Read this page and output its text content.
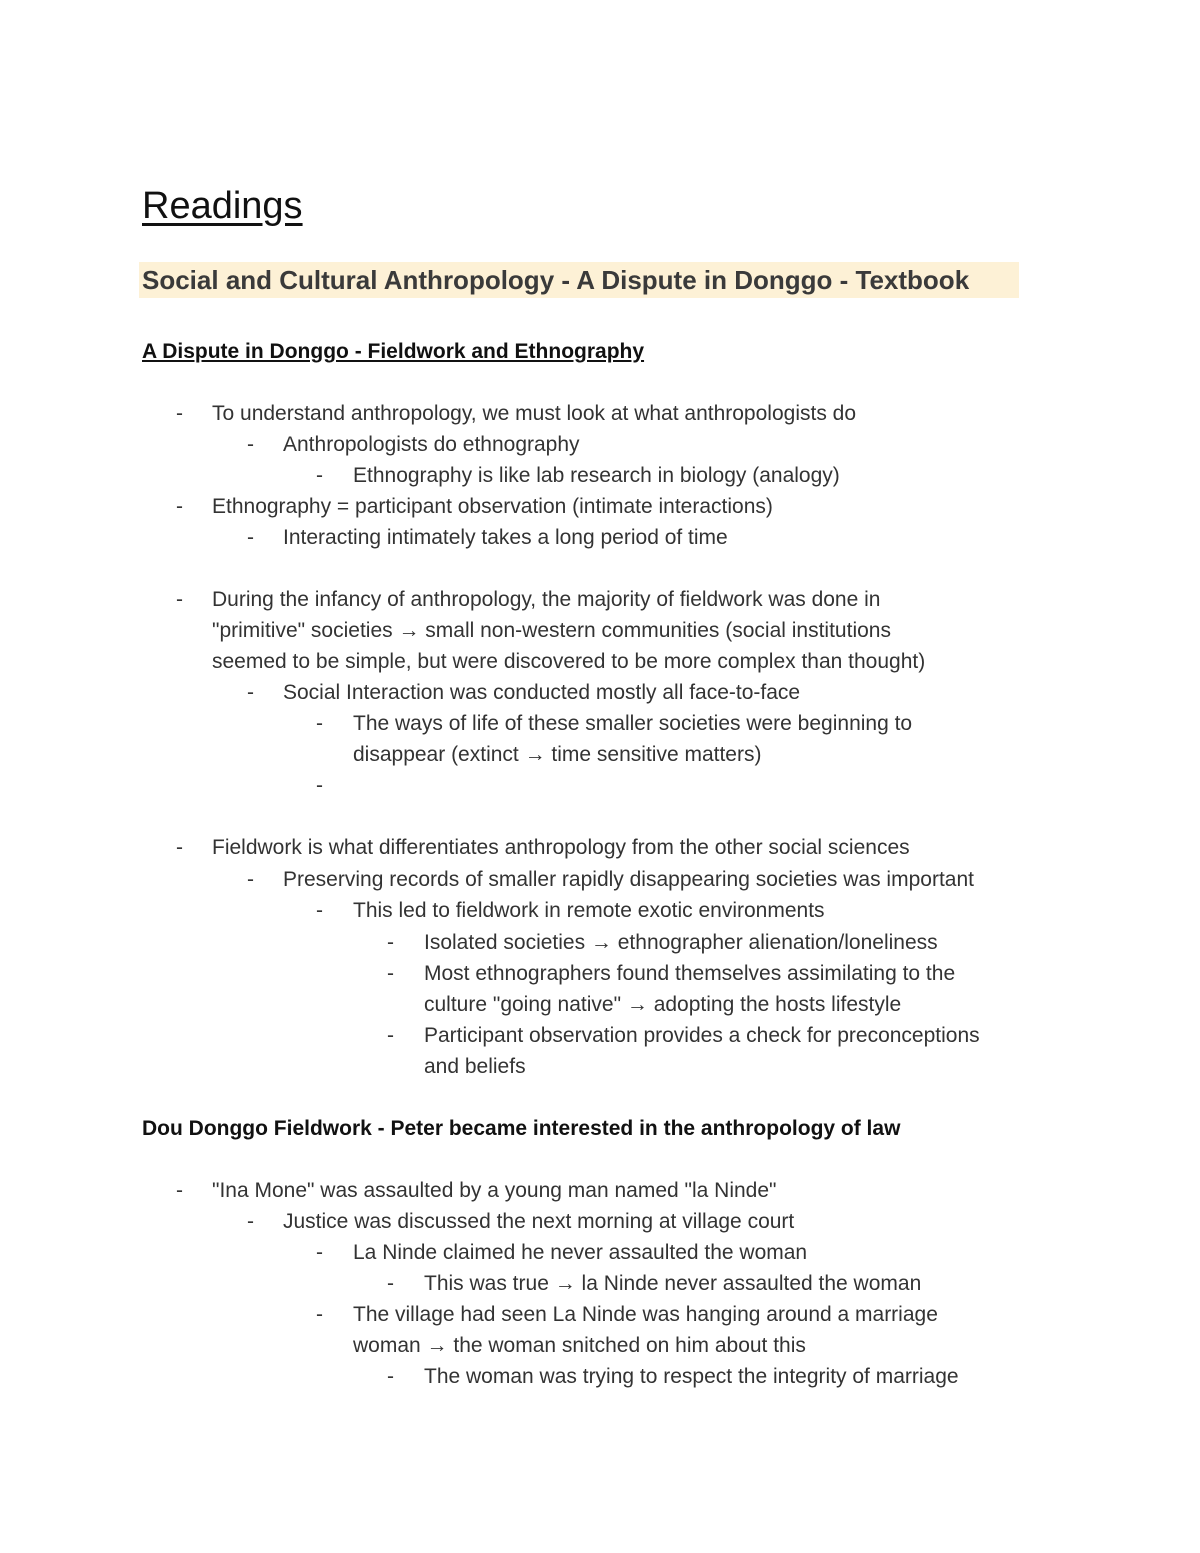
Readings
Social and Cultural Anthropology - A Dispute in Donggo - Textbook
A Dispute in Donggo - Fieldwork and Ethnography
- To understand anthropology, we must look at what anthropologists do
- Anthropologists do ethnography
- Ethnography is like lab research in biology (analogy)
- Ethnography = participant observation (intimate interactions)
- Interacting intimately takes a long period of time
- During the infancy of anthropology, the majority of fieldwork was done in
"primitive" societies → small non-western communities (social institutions
seemed to be simple, but were discovered to be more complex than thought)
- Social Interaction was conducted mostly all face-to-face
- The ways of life of these smaller societies were beginning to
disappear (extinct → time sensitive matters)
-
- Fieldwork is what differentiates anthropology from the other social sciences
- Preserving records of smaller rapidly disappearing societies was important
- This led to fieldwork in remote exotic environments
- Isolated societies → ethnographer alienation/loneliness
- Most ethnographers found themselves assimilating to the
culture "going native" → adopting the hosts lifestyle
- Participant observation provides a check for preconceptions
and beliefs
Dou Donggo Fieldwork - Peter became interested in the anthropology of law
- "Ina Mone" was assaulted by a young man named "la Ninde"
- Justice was discussed the next morning at village court
- La Ninde claimed he never assaulted the woman
- This was true → la Ninde never assaulted the woman
- The village had seen La Ninde was hanging around a marriage
woman → the woman snitched on him about this
- The woman was trying to respect the integrity of marriage
